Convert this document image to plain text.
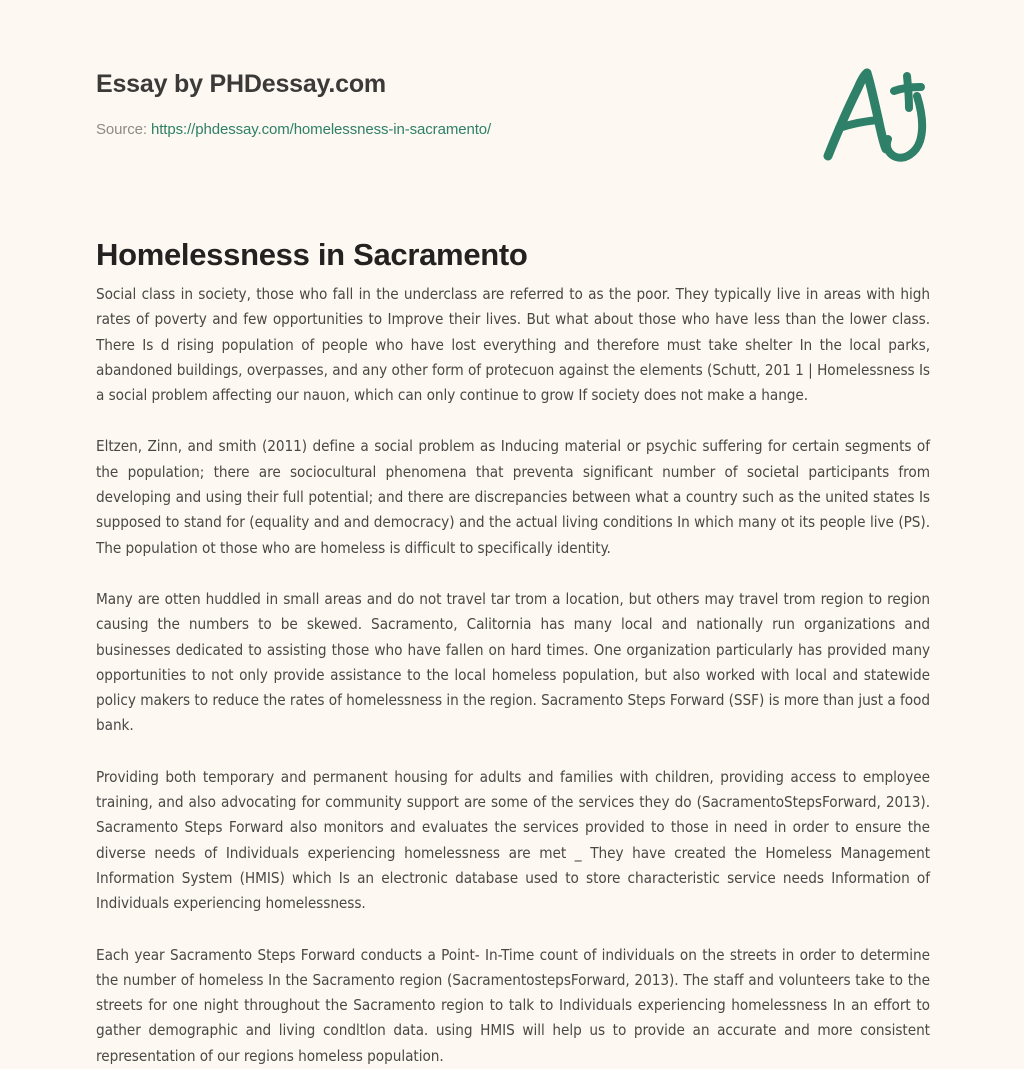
Essay by PHDessay.com
Source: https://phdessay.com/homelessness-in-sacramento/
Homelessness in Sacramento

Social class in society, those who fall in the underclass are referred to as the poor. They typically live in areas with high rates of poverty and few opportunities to Improve their lives. But what about those who have less than the lower class. There Is d rising population of people who have lost everything and therefore must take shelter In the local parks, abandoned buildings, overpasses, and any other form of protecuon against the elements (Schutt, 201 1 | Homelessness Is a social problem affecting our nauon, which can only continue to grow If society does not make a hange.

Eltzen, Zinn, and smith (2011) define a social problem as Inducing material or psychic suffering for certain segments of the population; there are sociocultural phenomena that preventa significant number of societal participants from developing and using their full potential; and there are discrepancies between what a country such as the united states Is supposed to stand for (equality and and democracy) and the actual living conditions In which many ot its people live (PS). The population ot those who are homeless is difficult to specifically identity.

Many are otten huddled in small areas and do not travel tar trom a location, but others may travel trom region to region causing the numbers to be skewed. Sacramento, Calitornia has many local and nationally run organizations and businesses dedicated to assisting those who have fallen on hard times. One organization particularly has provided many opportunities to not only provide assistance to the local homeless population, but also worked with local and statewide policy makers to reduce the rates of homelessness in the region. Sacramento Steps Forward (SSF) is more than just a food bank.

Providing both temporary and permanent housing for adults and families with children, providing access to employee training, and also advocating for community support are some of the services they do (SacramentoStepsForward, 2013). Sacramento Steps Forward also monitors and evaluates the services provided to those in need in order to ensure the diverse needs of Individuals experiencing homelessness are met _ They have created the Homeless Management Information System (HMIS) which Is an electronic database used to store characteristic service needs Information of Individuals experiencing homelessness.

Each year Sacramento Steps Forward conducts a Point- In-Time count of individuals on the streets in order to determine the number of homeless In the Sacramento region (SacramentostepsForward, 2013). The staff and volunteers take to the streets for one night throughout the Sacramento region to talk to Individuals experiencing homelessness In an effort to gather demographic and living condltlon data. using HMIS will help us to provide an accurate and more consistent representation of our regions homeless population.
